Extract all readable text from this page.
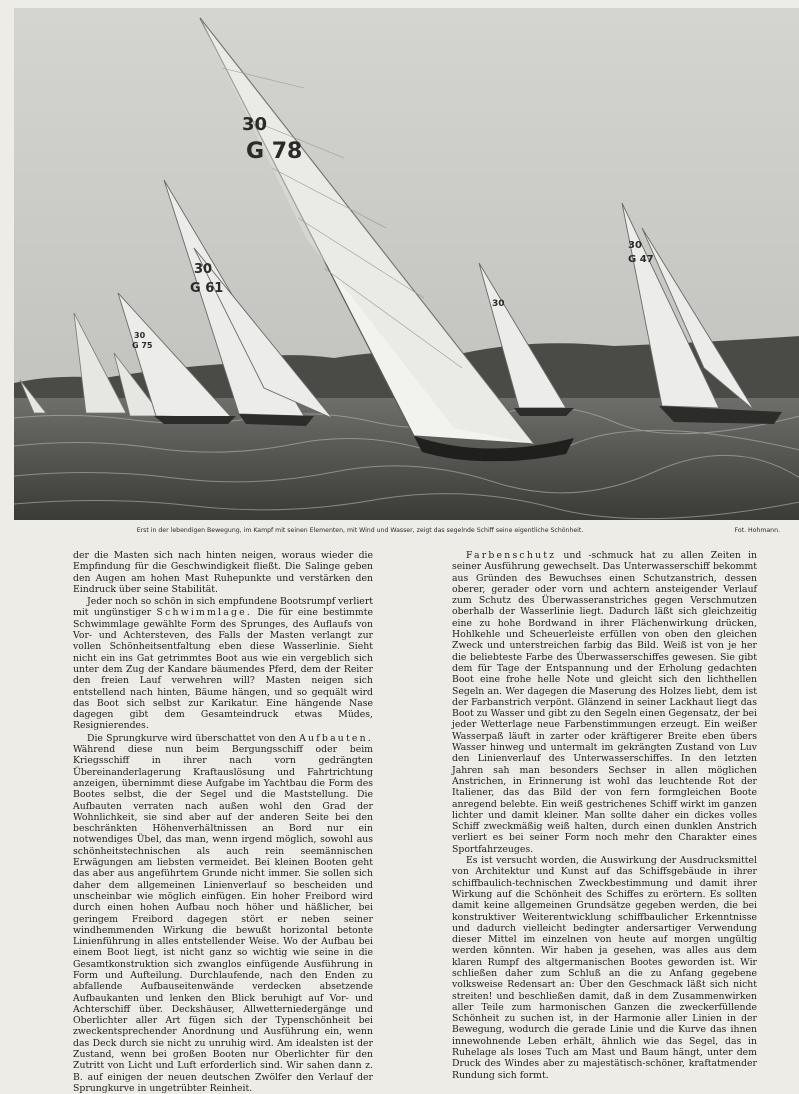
30
G 78
30
G 61
30
G 47
30
30
G 75
Erst in der lebendigen Bewegung, im Kampf mit seinen Elementen, mit Wind und Wasser, zeigt das segelnde Schiff seine eigentliche Schönheit.	Fot. Hohmann.

der die Masten sich nach hinten neigen, woraus wieder die Empfindung für die Geschwindigkeit fließt. Die Salinge geben den Augen am hohen Mast Ruhepunkte und verstärken den Eindruck über seine Stabilität.

Jeder noch so schön in sich empfundene Bootsrumpf verliert mit ungünstiger Schwimmlage. Die für eine bestimmte Schwimmlage gewählte Form des Sprunges, des Auflaufs von Vor- und Achtersteven, des Falls der Masten verlangt zur vollen Schönheitsentfaltung eben diese Wasserlinie. Sieht nicht ein ins Gat getrimmtes Boot aus wie ein vergeblich sich unter dem Zug der Kandare bäumendes Pferd, dem der Reiter den freien Lauf verwehren will? Masten neigen sich entstellend nach hinten, Bäume hängen, und so gequält wird das Boot sich selbst zur Karikatur. Eine hängende Nase dagegen gibt dem Gesamteindruck etwas Müdes, Resignierendes.

Die Sprungkurve wird überschattet von den Aufbauten. Während diese nun beim Bergungsschiff oder beim Kriegsschiff in ihrer nach vorn gedrängten Übereinanderlagerung Kraftauslösung und Fahrtrichtung anzeigen, übernimmt diese Aufgabe im Yachtbau die Form des Bootes selbst, die der Segel und die Maststellung. Die Aufbauten verraten nach außen wohl den Grad der Wohnlichkeit, sie sind aber auf der anderen Seite bei den beschränkten Höhenverhältnissen an Bord nur ein notwendiges Übel, das man, wenn irgend möglich, sowohl aus schönheitstechnischen als auch rein seemännischen Erwägungen am liebsten vermeidet. Bei kleinen Booten geht das aber aus angeführtem Grunde nicht immer. Sie sollen sich daher dem allgemeinen Linienverlauf so bescheiden und unscheinbar wie möglich einfügen. Ein hoher Freibord wird durch einen hohen Aufbau noch höher und häßlicher, bei geringem Freibord dagegen stört er neben seiner windhemmenden Wirkung die bewußt horizontal betonte Linienführung in alles entstellender Weise. Wo der Aufbau bei einem Boot liegt, ist nicht ganz so wichtig wie seine in die Gesamtkonstruktion sich zwanglos einfügende Ausführung in Form und Aufteilung. Durchlaufende, nach den Enden zu abfallende Aufbauseitenwände verdecken absetzende Aufbaukanten und lenken den Blick beruhigt auf Vor- und Achterschiff über. Deckshäuser, Allwetterniedergänge und Oberlichter aller Art fügen sich der Typenschönheit bei zweckentsprechender Anordnung und Ausführung ein, wenn das Deck durch sie nicht zu unruhig wird. Am idealsten ist der Zustand, wenn bei großen Booten nur Oberlichter für den Zutritt von Licht und Luft erforderlich sind. Wir sahen dann z. B. auf einigen der neuen deutschen Zwölfer den Verlauf der Sprungkurve in ungetrübter Reinheit.

Farbenschutz und -schmuck hat zu allen Zeiten in seiner Ausführung gewechselt. Das Unterwasserschiff bekommt aus Gründen des Bewuchses einen Schutzanstrich, dessen oberer, gerader oder vorn und achtern ansteigender Verlauf zum Schutz des Überwasseranstriches gegen Verschmutzen oberhalb der Wasserlinie liegt. Dadurch läßt sich gleichzeitig eine zu hohe Bordwand in ihrer Flächenwirkung drücken, Hohlkehle und Scheuerleiste erfüllen von oben den gleichen Zweck und unterstreichen farbig das Bild. Weiß ist von je her die beliebteste Farbe des Überwasserschiffes gewesen. Sie gibt dem für Tage der Entspannung und der Erholung gedachten Boot eine frohe helle Note und gleicht sich den lichthellen Segeln an. Wer dagegen die Maserung des Holzes liebt, dem ist der Farbanstrich verpönt. Glänzend in seiner Lackhaut liegt das Boot zu Wasser und gibt zu den Segeln einen Gegensatz, der bei jeder Wetterlage neue Farbenstimmungen erzeugt. Ein weißer Wasserpaß läuft in zarter oder kräftigerer Breite eben übers Wasser hinweg und untermalt im gekrängten Zustand von Luv den Linienverlauf des Unterwasserschiffes. In den letzten Jahren sah man besonders Sechser in allen möglichen Anstrichen, in Erinnerung ist wohl das leuchtende Rot der Italiener, das das Bild der von fern formgleichen Boote anregend belebte. Ein weiß gestrichenes Schiff wirkt im ganzen lichter und damit kleiner. Man sollte daher ein dickes volles Schiff zweckmäßig weiß halten, durch einen dunklen Anstrich verliert es bei seiner Form noch mehr den Charakter eines Sportfahrzeuges.

Es ist versucht worden, die Auswirkung der Ausdrucksmittel von Architektur und Kunst auf das Schiffsgebäude in ihrer schiffbaulich-technischen Zweckbestimmung und damit ihrer Wirkung auf die Schönheit des Schiffes zu erörtern. Es sollten damit keine allgemeinen Grundsätze gegeben werden, die bei konstruktiver Weiterentwicklung schiffbaulicher Erkenntnisse und dadurch vielleicht bedingter andersartiger Verwendung dieser Mittel im einzelnen von heute auf morgen ungültig werden könnten. Wir haben ja gesehen, was alles aus dem klaren Rumpf des altgermanischen Bootes geworden ist. Wir schließen daher zum Schluß an die zu Anfang gegebene volksweise Redensart an: Über den Geschmack läßt sich nicht streiten! und beschließen damit, daß in dem Zusammenwirken aller Teile zum harmonischen Ganzen die zweckerfüllende Schönheit zu suchen ist, in der Harmonie aller Linien in der Bewegung, wodurch die gerade Linie und die Kurve das ihnen innewohnende Leben erhält, ähnlich wie das Segel, das in Ruhelage als loses Tuch am Mast und Baum hängt, unter dem Druck des Windes aber zu majestätisch-schöner, kraftatmender Rundung sich formt.
